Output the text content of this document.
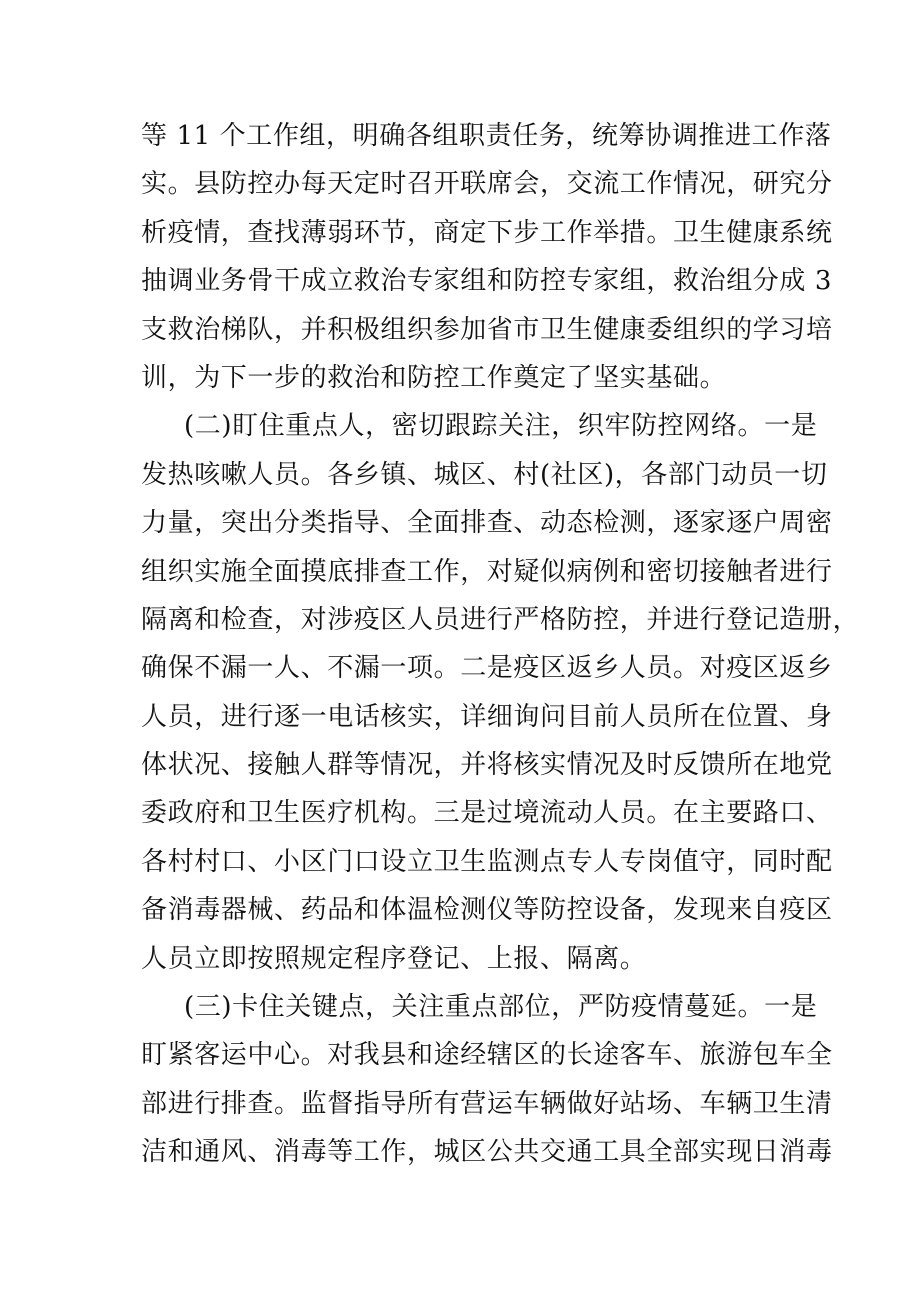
等 11 个工作组，明确各组职责任务，统筹协调推进工作落
实。县防控办每天定时召开联席会，交流工作情况，研究分
析疫情，查找薄弱环节，商定下步工作举措。卫生健康系统
抽调业务骨干成立救治专家组和防控专家组，救治组分成 3
支救治梯队，并积极组织参加省市卫生健康委组织的学习培
训，为下一步的救治和防控工作奠定了坚实基础。
(二)盯住重点人，密切跟踪关注，织牢防控网络。一是
发热咳嗽人员。各乡镇、城区、村(社区)，各部门动员一切
力量，突出分类指导、全面排查、动态检测，逐家逐户周密
组织实施全面摸底排查工作，对疑似病例和密切接触者进行
隔离和检查，对涉疫区人员进行严格防控，并进行登记造册，
确保不漏一人、不漏一项。二是疫区返乡人员。对疫区返乡
人员，进行逐一电话核实，详细询问目前人员所在位置、身
体状况、接触人群等情况，并将核实情况及时反馈所在地党
委政府和卫生医疗机构。三是过境流动人员。在主要路口、
各村村口、小区门口设立卫生监测点专人专岗值守，同时配
备消毒器械、药品和体温检测仪等防控设备，发现来自疫区
人员立即按照规定程序登记、上报、隔离。
(三)卡住关键点，关注重点部位，严防疫情蔓延。一是
盯紧客运中心。对我县和途经辖区的长途客车、旅游包车全
部进行排查。监督指导所有营运车辆做好站场、车辆卫生清
洁和通风、消毒等工作，城区公共交通工具全部实现日消毒
